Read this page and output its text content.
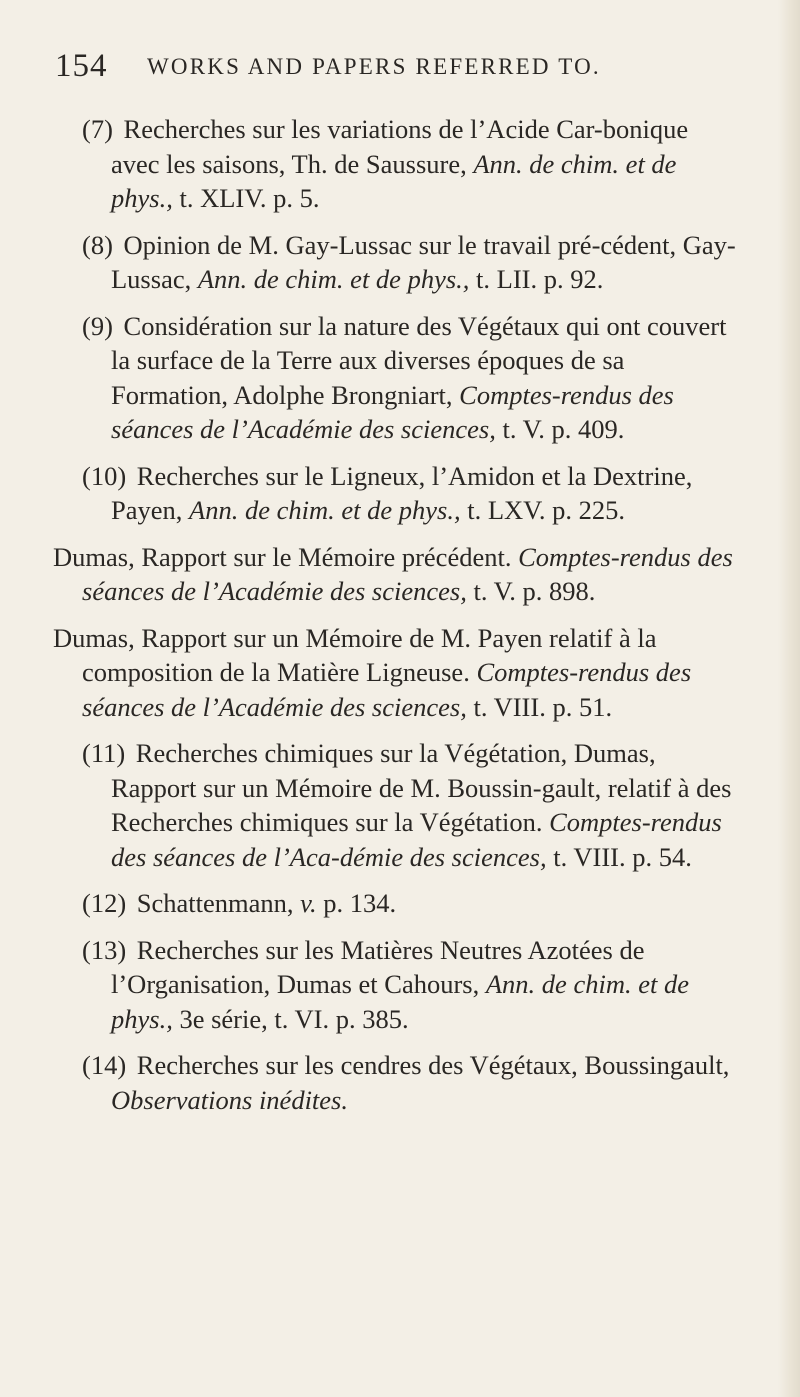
154 WORKS AND PAPERS REFERRED TO.

(7) Recherches sur les variations de l’Acide Car-bonique avec les saisons, Th. de Saussure, Ann. de chim. et de phys., t. XLIV. p. 5.

(8) Opinion de M. Gay-Lussac sur le travail pré-cédent, Gay-Lussac, Ann. de chim. et de phys., t. LII. p. 92.

(9) Considération sur la nature des Végétaux qui ont couvert la surface de la Terre aux diverses époques de sa Formation, Adolphe Brongniart, Comptes-rendus des séances de l’Académie des sciences, t. V. p. 409.

(10) Recherches sur le Ligneux, l’Amidon et la Dextrine, Payen, Ann. de chim. et de phys., t. LXV. p. 225.

Dumas, Rapport sur le Mémoire précédent. Comptes-rendus des séances de l’Académie des sciences, t. V. p. 898.

Dumas, Rapport sur un Mémoire de M. Payen relatif à la composition de la Matière Ligneuse. Comptes-rendus des séances de l’Académie des sciences, t. VIII. p. 51.

(11) Recherches chimiques sur la Végétation, Dumas, Rapport sur un Mémoire de M. Boussin-gault, relatif à des Recherches chimiques sur la Végétation. Comptes-rendus des séances de l’Aca-démie des sciences, t. VIII. p. 54.

(12) Schattenmann, v. p. 134.

(13) Recherches sur les Matières Neutres Azotées de l’Organisation, Dumas et Cahours, Ann. de chim. et de phys., 3e série, t. VI. p. 385.

(14) Recherches sur les cendres des Végétaux, Boussingault, Observations inédites.
